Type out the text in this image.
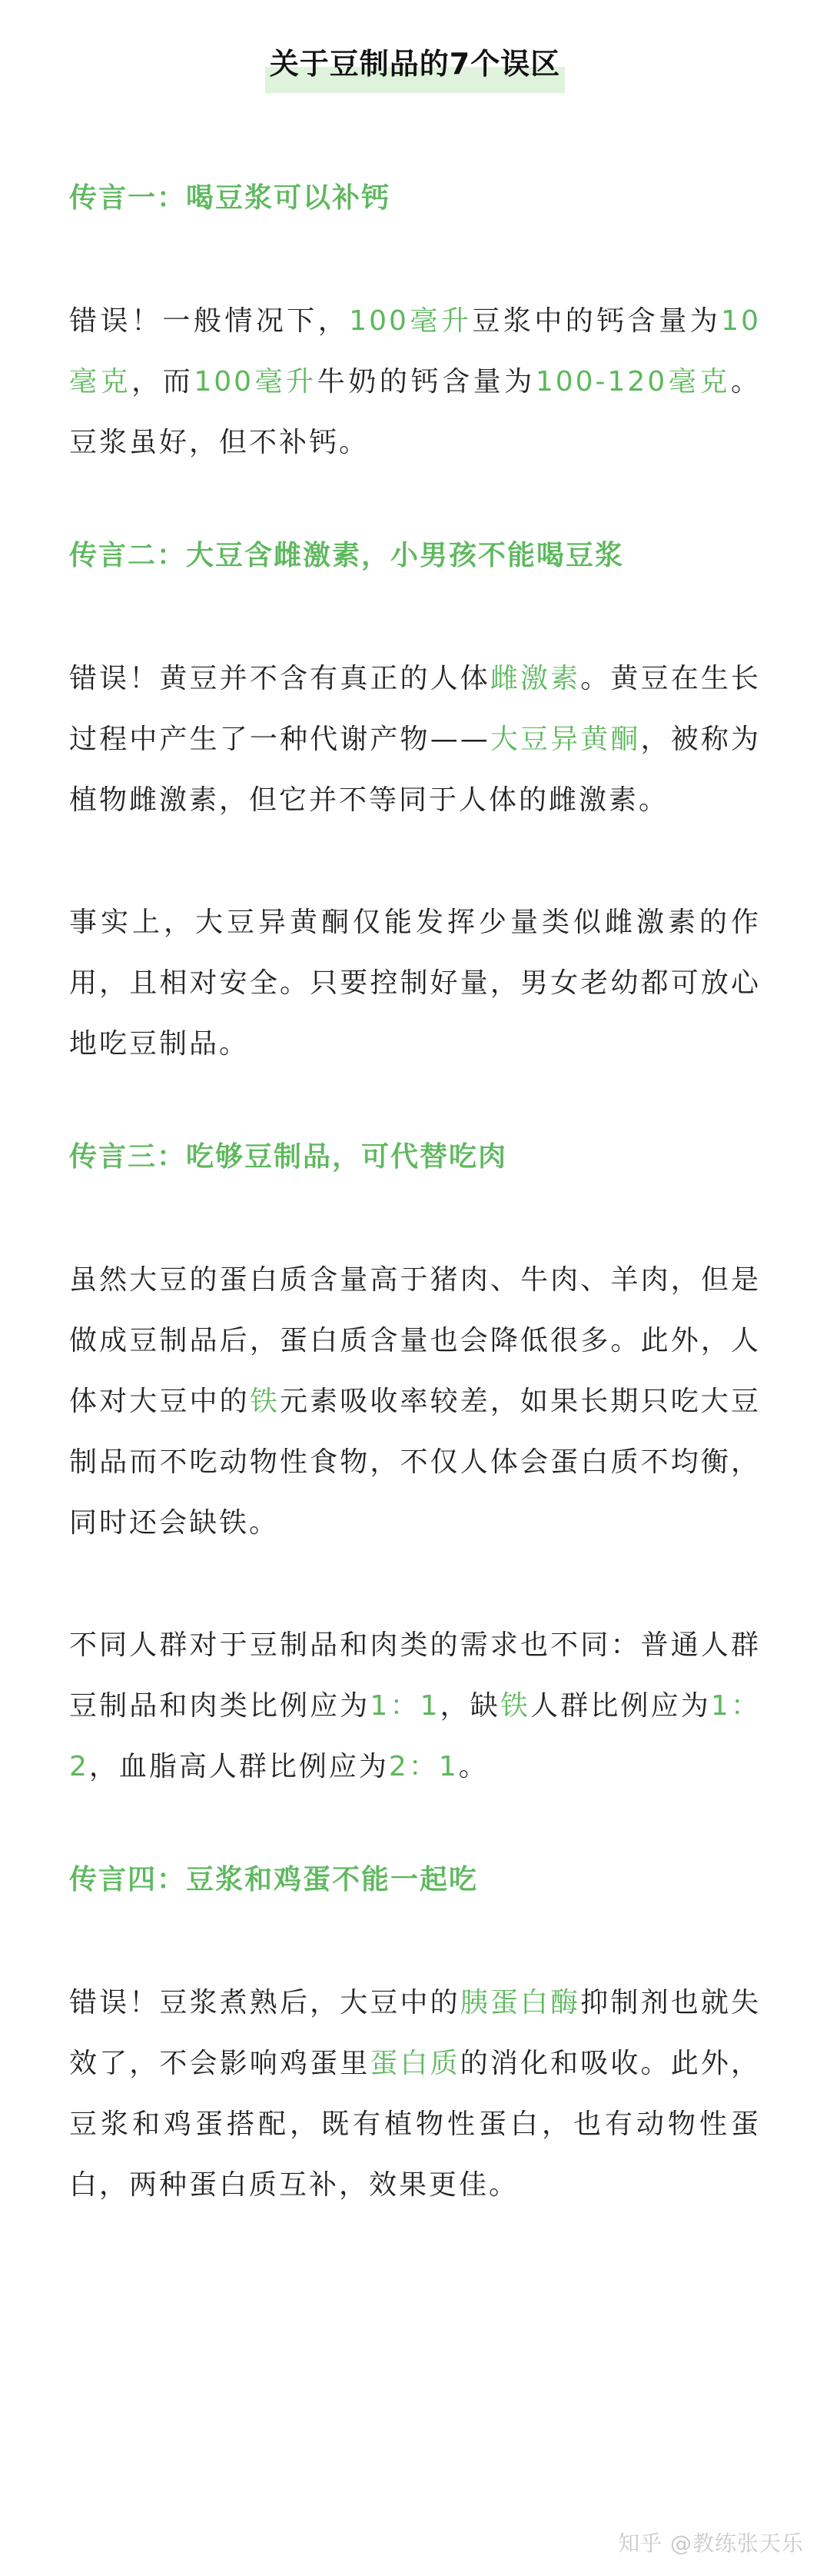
关于豆制品的7个误区
传言一：喝豆浆可以补钙

错误！一般情况下，100毫升豆浆中的钙含量为10毫克，而100毫升牛奶的钙含量为100-120毫克。豆浆虽好，但不补钙。

传言二：大豆含雌激素，小男孩不能喝豆浆

错误！黄豆并不含有真正的人体雌激素。黄豆在生长过程中产生了一种代谢产物——大豆异黄酮，被称为植物雌激素，但它并不等同于人体的雌激素。

事实上，大豆异黄酮仅能发挥少量类似雌激素的作用，且相对安全。只要控制好量，男女老幼都可放心地吃豆制品。

传言三：吃够豆制品，可代替吃肉

虽然大豆的蛋白质含量高于猪肉、牛肉、羊肉，但是做成豆制品后，蛋白质含量也会降低很多。此外，人体对大豆中的铁元素吸收率较差，如果长期只吃大豆制品而不吃动物性食物，不仅人体会蛋白质不均衡，同时还会缺铁。

不同人群对于豆制品和肉类的需求也不同：普通人群豆制品和肉类比例应为1：1，缺铁人群比例应为1：2，血脂高人群比例应为2：1。

传言四：豆浆和鸡蛋不能一起吃

错误！豆浆煮熟后，大豆中的胰蛋白酶抑制剂也就失效了，不会影响鸡蛋里蛋白质的消化和吸收。此外，豆浆和鸡蛋搭配，既有植物性蛋白，也有动物性蛋白，两种蛋白质互补，效果更佳。

知乎 @教练张天乐
